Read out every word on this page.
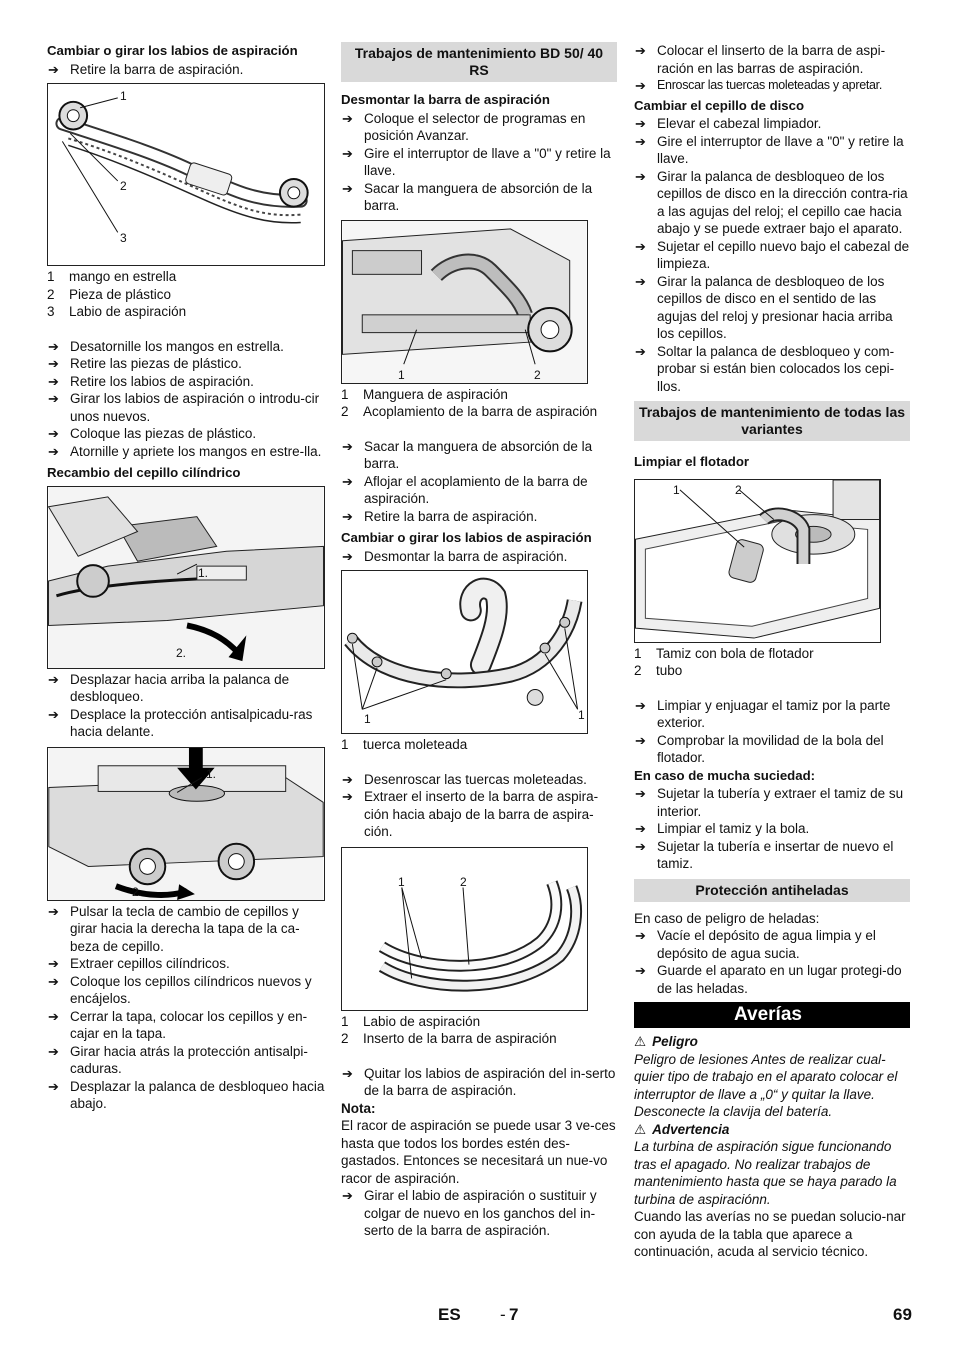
Cambiar o girar los labios de aspiración
➔ Retire la barra de aspiración.
1
2
3
1	mango en estrella
2	Pieza de plástico
3	Labio de aspiración
➔ Desatornille los mangos en estrella.
➔ Retire las piezas de plástico.
➔ Retire los labios de aspiración.
➔ Girar los labios de aspiración o introdu-cir unos nuevos.
➔ Coloque las piezas de plástico.
➔ Atornille y apriete los mangos en estre-lla.
Recambio del cepillo cilíndrico
1.
2.
➔ Desplazar hacia arriba la palanca de desbloqueo.
➔ Desplace la protección antisalpicadu-ras hacia delante.
1.
2.
➔ Pulsar la tecla de cambio de cepillos y girar hacia la derecha la tapa de la ca-beza de cepillo.
➔ Extraer cepillos cilíndricos.
➔ Coloque los cepillos cilíndricos nuevos y encájelos.
➔ Cerrar la tapa, colocar los cepillos y en-cajar en la tapa.
➔ Girar hacia atrás la protección antisalpi-caduras.
➔ Desplazar la palanca de desbloqueo hacia abajo.
Trabajos de mantenimiento BD 50/ 40 RS
Desmontar la barra de aspiración
➔ Coloque el selector de programas en posición Avanzar.
➔ Gire el interruptor de llave a "0" y retire la llave.
➔ Sacar la manguera de absorción de la barra.
1	2
1	Manguera de aspiración
2	Acoplamiento de la barra de aspiración
➔ Sacar la manguera de absorción de la barra.
➔ Aflojar el acoplamiento de la barra de aspiración.
➔ Retire la barra de aspiración.
Cambiar o girar los labios de aspiración
➔ Desmontar la barra de aspiración.
1	1
1	tuerca moleteada
➔ Desenroscar las tuercas moleteadas.
➔ Extraer el inserto de la barra de aspira-ción hacia abajo de la barra de aspira-ción.
1	2
1	Labio de aspiración
2	Inserto de la barra de aspiración
➔ Quitar los labios de aspiración del in-serto de la barra de aspiración.
Nota:
El racor de aspiración se puede usar 3 ve-ces hasta que todos los bordes estén des-gastados. Entonces se necesitará un nue-vo racor de aspiración.
➔ Girar el labio de aspiración o sustituir y colgar de nuevo en los ganchos del in-serto de la barra de aspiración.
➔ Colocar el linserto de la barra de aspi-ración en las barras de aspiración.
➔ Enroscar las tuercas moleteadas y apretar.
Cambiar el cepillo de disco
➔ Elevar el cabezal limpiador.
➔ Gire el interruptor de llave a "0" y retire la llave.
➔ Girar la palanca de desbloqueo de los cepillos de disco en la dirección contra-ria a las agujas del reloj; el cepillo cae hacia abajo y se puede extraer bajo el aparato.
➔ Sujetar el cepillo nuevo bajo el cabezal de limpieza.
➔ Girar la palanca de desbloqueo de los cepillos de disco en el sentido de las agujas del reloj y presionar hacia arriba los cepillos.
➔ Soltar la palanca de desbloqueo y com-probar si están bien colocados los cepi-llos.
Trabajos de mantenimiento de todas las variantes
Limpiar el flotador
1	2
1	Tamiz con bola de flotador
2	tubo
➔ Limpiar y enjuagar el tamiz por la parte exterior.
➔ Comprobar la movilidad de la bola del flotador.
En caso de mucha suciedad:
➔ Sujetar la tubería y extraer el tamiz de su interior.
➔ Limpiar el tamiz y la bola.
➔ Sujetar la tubería e insertar de nuevo el tamiz.
Protección antiheladas
En caso de peligro de heladas:
➔ Vacíe el depósito de agua limpia y el depósito de agua sucia.
➔ Guarde el aparato en un lugar protegi-do de las heladas.
Averías
⚠ Peligro
Peligro de lesiones Antes de realizar cual-quier tipo de trabajo en el aparato colocar el interruptor de llave a „0“ y quitar la llave. Desconecte la clavija del batería.
⚠ Advertencia
La turbina de aspiración sigue funcionando tras el apagado. No realizar trabajos de mantenimiento hasta que se haya parado la turbina de aspiraciónn.
Cuando las averías no se puedan solucio-nar con ayuda de la tabla que aparece a continuación, acuda al servicio técnico.
ES - 7	69
